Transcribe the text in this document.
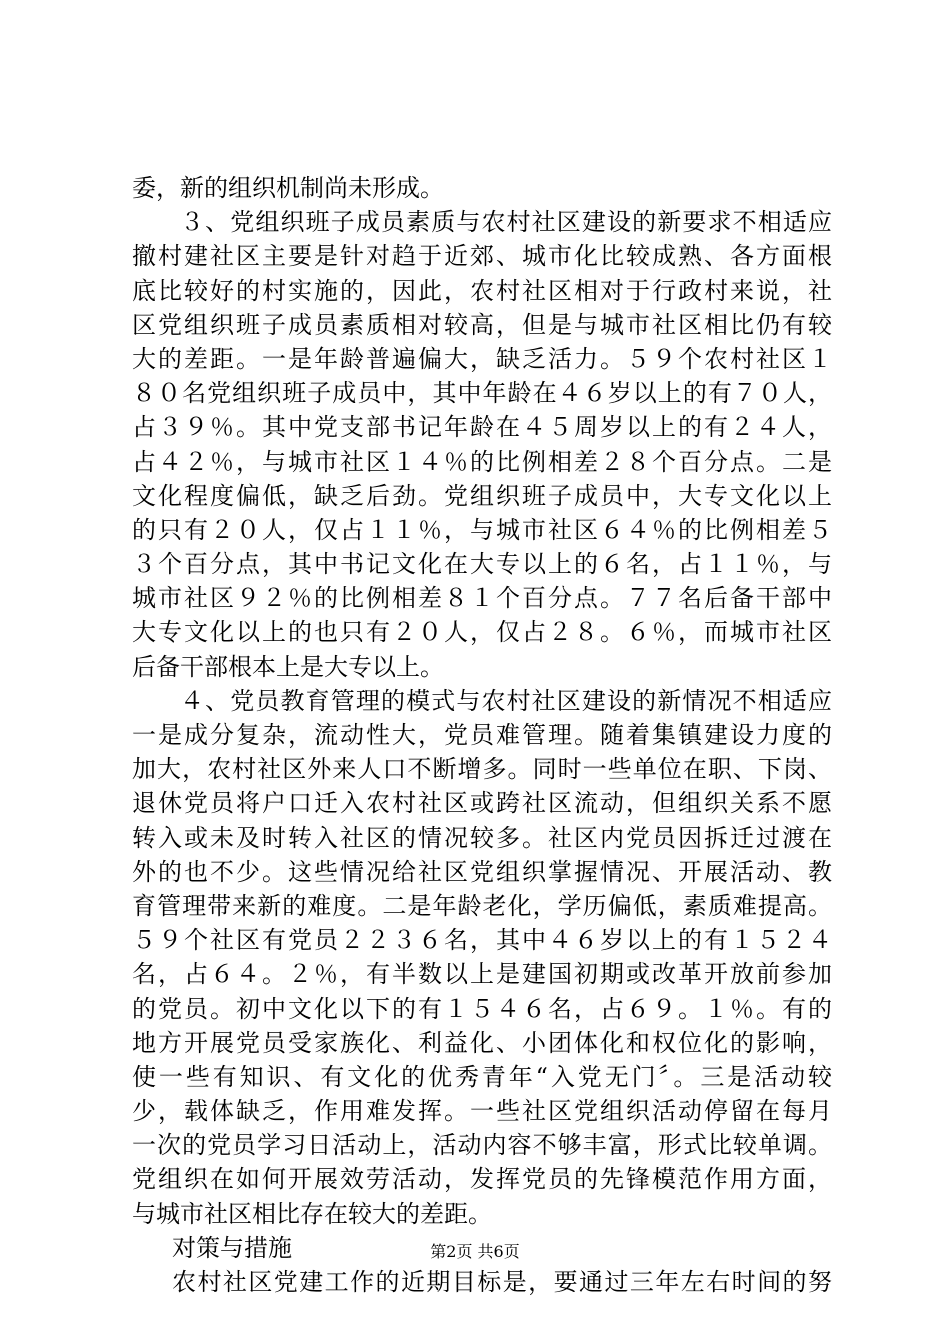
委，新的组织机制尚未形成。
３、党组织班子成员素质与农村社区建设的新要求不相适应
撤村建社区主要是针对趋于近郊、城市化比较成熟、各方面根
底比较好的村实施的，因此，农村社区相对于行政村来说，社
区党组织班子成员素质相对较高，但是与城市社区相比仍有较
大的差距。一是年龄普遍偏大，缺乏活力。５９个农村社区１
８０名党组织班子成员中，其中年龄在４６岁以上的有７０人，
占３９％。其中党支部书记年龄在４５周岁以上的有２４人，
占４２％，与城市社区１４％的比例相差２８个百分点。二是
文化程度偏低，缺乏后劲。党组织班子成员中，大专文化以上
的只有２０人，仅占１１％，与城市社区６４％的比例相差５
３个百分点，其中书记文化在大专以上的６名，占１１％，与
城市社区９２％的比例相差８１个百分点。７７名后备干部中
大专文化以上的也只有２０人，仅占２８。６％，而城市社区
后备干部根本上是大专以上。
４、党员教育管理的模式与农村社区建设的新情况不相适应
一是成分复杂，流动性大，党员难管理。随着集镇建设力度的
加大，农村社区外来人口不断增多。同时一些单位在职、下岗、
退休党员将户口迁入农村社区或跨社区流动，但组织关系不愿
转入或未及时转入社区的情况较多。社区内党员因拆迁过渡在
外的也不少。这些情况给社区党组织掌握情况、开展活动、教
育管理带来新的难度。二是年龄老化，学历偏低，素质难提高。
５９个社区有党员２２３６名，其中４６岁以上的有１５２４
名，占６４。２％，有半数以上是建国初期或改革开放前参加
的党员。初中文化以下的有１５４６名，占６９。１％。有的
地方开展党员受家族化、利益化、小团体化和权位化的影响，
使一些有知识、有文化的优秀青年“入党无门〞。三是活动较
少，载体缺乏，作用难发挥。一些社区党组织活动停留在每月
一次的党员学习日活动上，活动内容不够丰富，形式比较单调。
党组织在如何开展效劳活动，发挥党员的先锋模范作用方面，
与城市社区相比存在较大的差距。
对策与措施
农村社区党建工作的近期目标是，要通过三年左右时间的努
第2页 共6页
